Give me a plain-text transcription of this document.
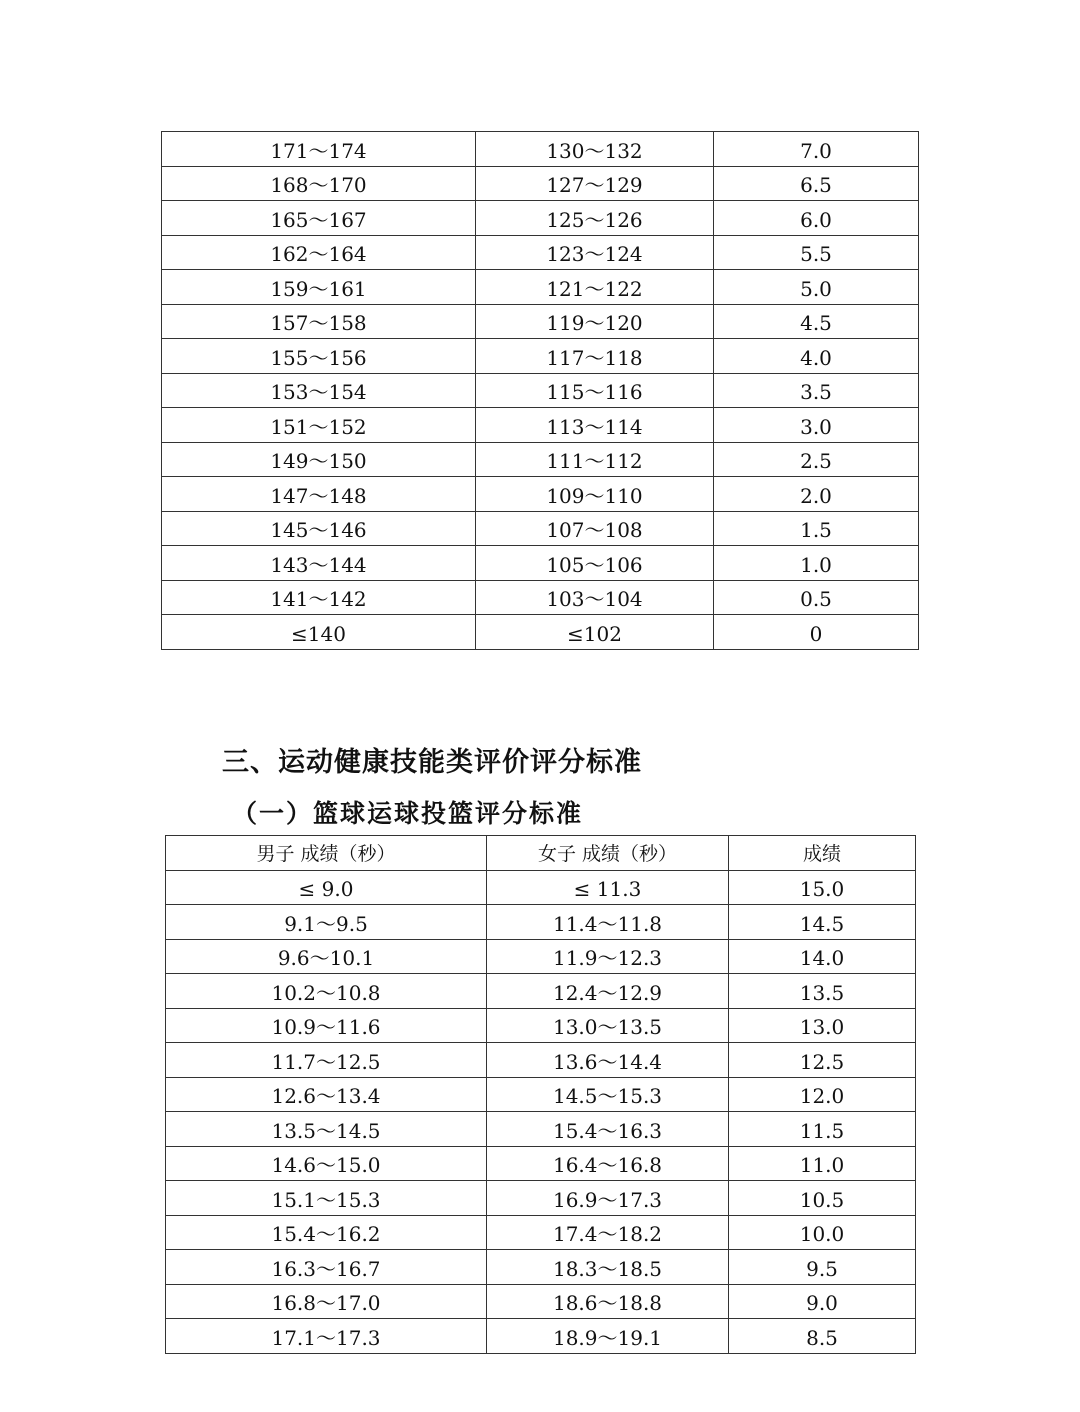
171～174	130～132	7.0
168～170	127～129	6.5
165～167	125～126	6.0
162～164	123～124	5.5
159～161	121～122	5.0
157～158	119～120	4.5
155～156	117～118	4.0
153～154	115～116	3.5
151～152	113～114	3.0
149～150	111～112	2.5
147～148	109～110	2.0
145～146	107～108	1.5
143～144	105～106	1.0
141～142	103～104	0.5
≤140	≤102	0
三、运动健康技能类评价评分标准
（一）篮球运球投篮评分标准
男子 成绩（秒）	女子 成绩（秒）	成绩
≤ 9.0	≤ 11.3	15.0
9.1～9.5	11.4～11.8	14.5
9.6～10.1	11.9～12.3	14.0
10.2～10.8	12.4～12.9	13.5
10.9～11.6	13.0～13.5	13.0
11.7～12.5	13.6～14.4	12.5
12.6～13.4	14.5～15.3	12.0
13.5～14.5	15.4～16.3	11.5
14.6～15.0	16.4～16.8	11.0
15.1～15.3	16.9～17.3	10.5
15.4～16.2	17.4～18.2	10.0
16.3～16.7	18.3～18.5	9.5
16.8～17.0	18.6～18.8	9.0
17.1～17.3	18.9～19.1	8.5
